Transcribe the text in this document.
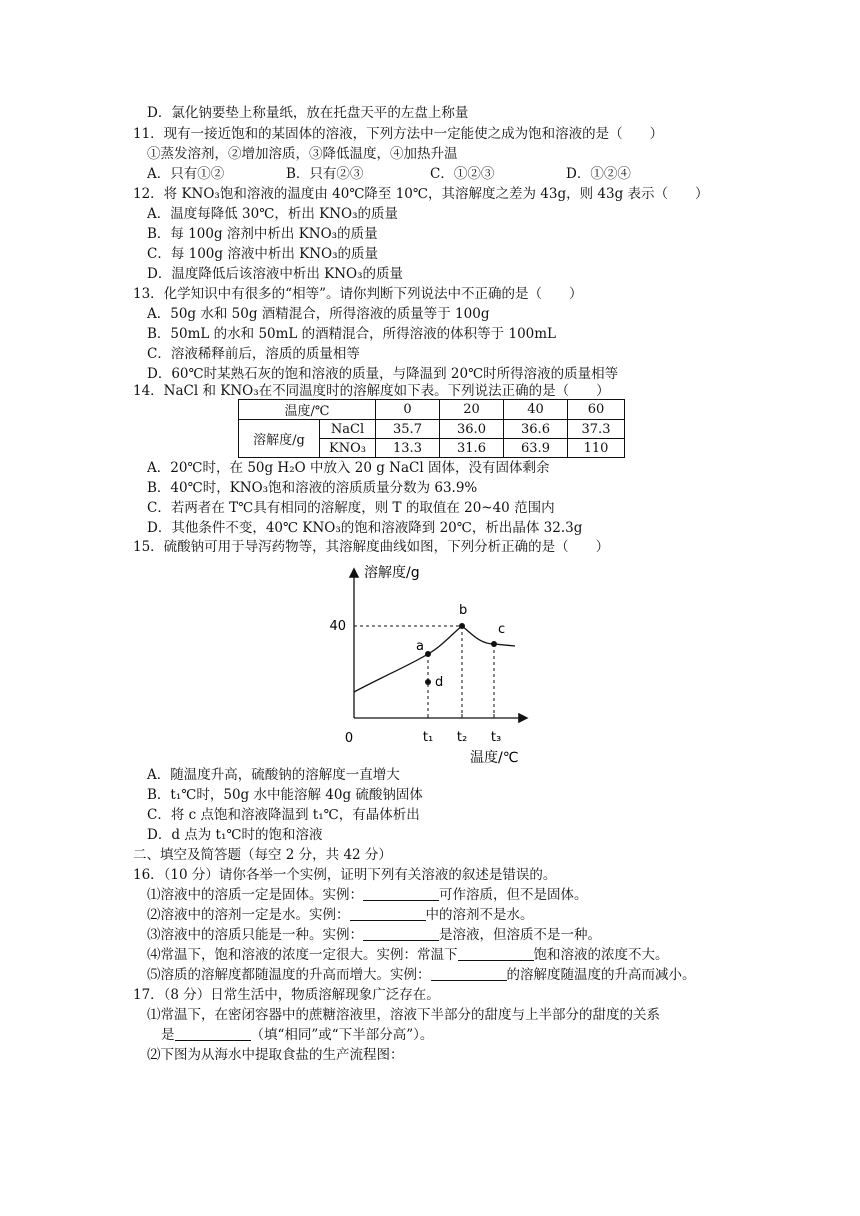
D．氯化钠要垫上称量纸，放在托盘天平的左盘上称量
11．现有一接近饱和的某固体的溶液，下列方法中一定能使之成为饱和溶液的是（　　）
①蒸发溶剂，②增加溶质，③降低温度，④加热升温
A．只有①②	B．只有②③	C．①②③	D．①②④
12．将 KNO₃饱和溶液的温度由 40℃降至 10℃，其溶解度之差为 43g，则 43g 表示（　　）
A．温度每降低 30℃，析出 KNO₃的质量
B．每 100g 溶剂中析出 KNO₃的质量
C．每 100g 溶液中析出 KNO₃的质量
D．温度降低后该溶液中析出 KNO₃的质量
13．化学知识中有很多的“相等”。请你判断下列说法中不正确的是（　　）
A．50g 水和 50g 酒精混合，所得溶液的质量等于 100g
B．50mL 的水和 50mL 的酒精混合，所得溶液的体积等于 100mL
C．溶液稀释前后，溶质的质量相等
D．60℃时某熟石灰的饱和溶液的质量，与降温到 20℃时所得溶液的质量相等
14．NaCl 和 KNO₃在不同温度时的溶解度如下表。下列说法正确的是（　　）
温度/℃		0	20	40	60
溶解度/g	NaCl	35.7	36.0	36.6	37.3
	KNO₃	13.3	31.6	63.9	110
A．20℃时，在 50g H₂O 中放入 20 g NaCl 固体，没有固体剩余
B．40℃时，KNO₃饱和溶液的溶质质量分数为 63.9%
C．若两者在 T℃具有相同的溶解度，则 T 的取值在 20~40 范围内
D．其他条件不变，40℃ KNO₃的饱和溶液降到 20℃，析出晶体 32.3g
15．硫酸钠可用于导泻药物等，其溶解度曲线如图，下列分析正确的是（　　）
溶解度/g
温度/℃
0
40
t₁ t₂ t₃
a
b
c
d
A．随温度升高，硫酸钠的溶解度一直增大
B．t₁℃时，50g 水中能溶解 40g 硫酸钠固体
C．将 c 点饱和溶液降温到 t₁℃，有晶体析出
D．d 点为 t₁℃时的饱和溶液
二、填空及简答题（每空 2 分，共 42 分）
16．（10 分）请你各举一个实例，证明下列有关溶液的叙述是错误的。
⑴溶液中的溶质一定是固体。实例：	可作溶质，但不是固体。
⑵溶液中的溶剂一定是水。实例：	中的溶剂不是水。
⑶溶液中的溶质只能是一种。实例：	是溶液，但溶质不是一种。
⑷常温下，饱和溶液的浓度一定很大。实例：常温下	饱和溶液的浓度不大。
⑸溶质的溶解度都随温度的升高而增大。实例：	的溶解度随温度的升高而减小。
17．（8 分）日常生活中，物质溶解现象广泛存在。
⑴常温下，在密闭容器中的蔗糖溶液里，溶液下半部分的甜度与上半部分的甜度的关系
是	（填“相同”或“下半部分高”）。
⑵下图为从海水中提取食盐的生产流程图：
